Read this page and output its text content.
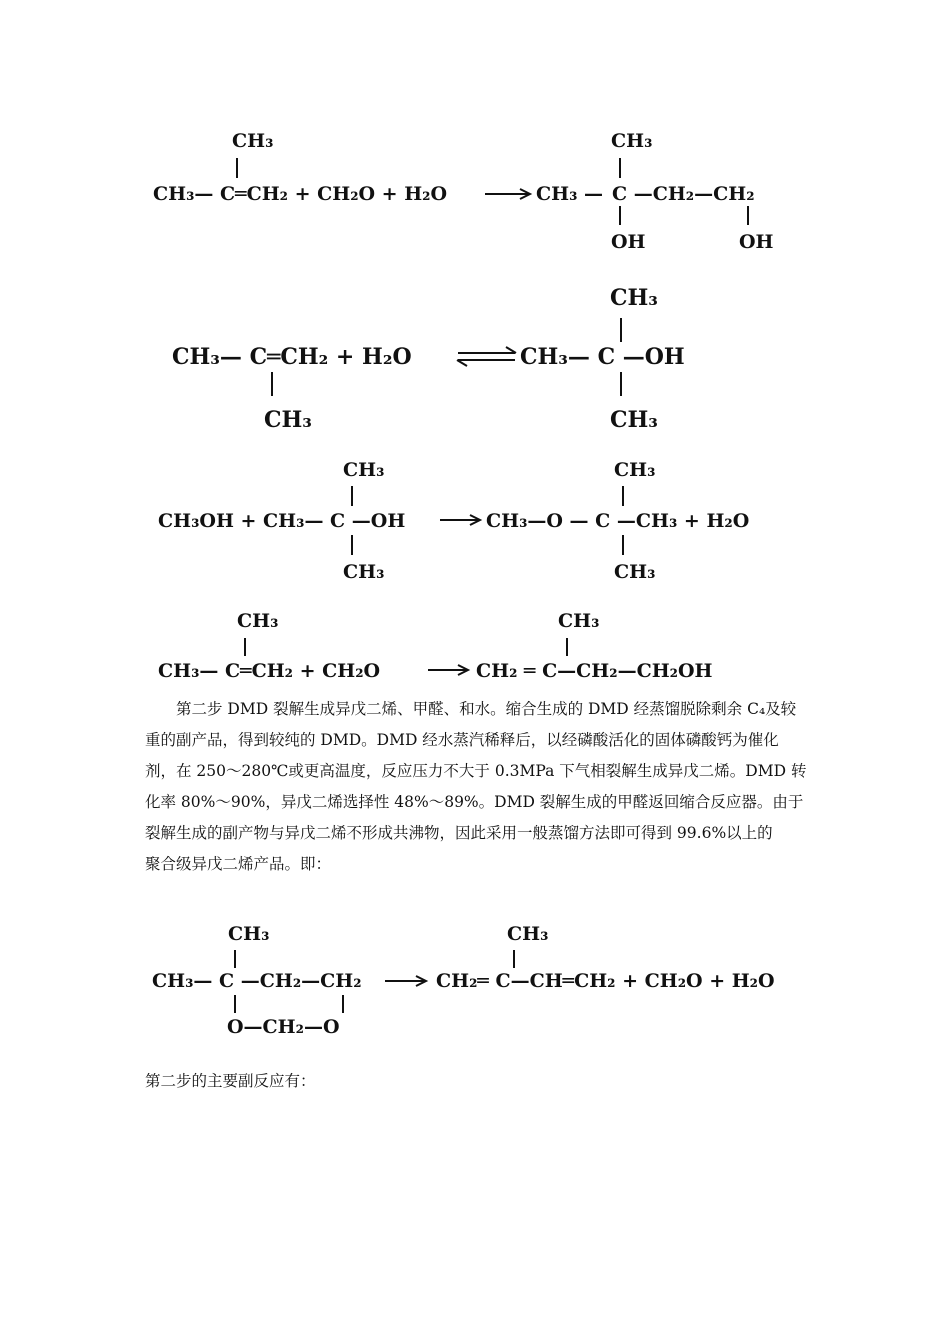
CH₃
CH₃— C═CH₂ + CH₂O + H₂O	CH₃ —
CH₃
C —CH₂—CH₂
OH	OH
CH₃
CH₃— C═CH₂ + H₂O
CH₃
CH₃— C —OH
CH₃
CH₃	CH₃
CH₃OH + CH₃— C —OH	CH₃—O — C —CH₃ + H₂O
CH₃	CH₃
CH₃	CH₃
CH₃— C═CH₂ + CH₂O	CH₂ ═ C—CH₂—CH₂OH

第二步 DMD 裂解生成异戊二烯、甲醛、和水。缩合生成的 DMD 经蒸馏脱除剩余 C₄及较

重的副产品，得到较纯的 DMD。DMD 经水蒸汽稀释后，以经磷酸活化的固体磷酸钙为催化

剂，在 250～280℃或更高温度，反应压力不大于 0.3MPa 下气相裂解生成异戊二烯。DMD 转

化率 80%～90%，异戊二烯选择性 48%～89%。DMD 裂解生成的甲醛返回缩合反应器。由于

裂解生成的副产物与异戊二烯不形成共沸物，因此采用一般蒸馏方法即可得到 99.6%以上的

聚合级异戊二烯产品。即：

CH₃	CH₃
CH₃— C —CH₂—CH₂	CH₂═ C—CH═CH₂ + CH₂O + H₂O
O—CH₂—O
第二步的主要副反应有：
